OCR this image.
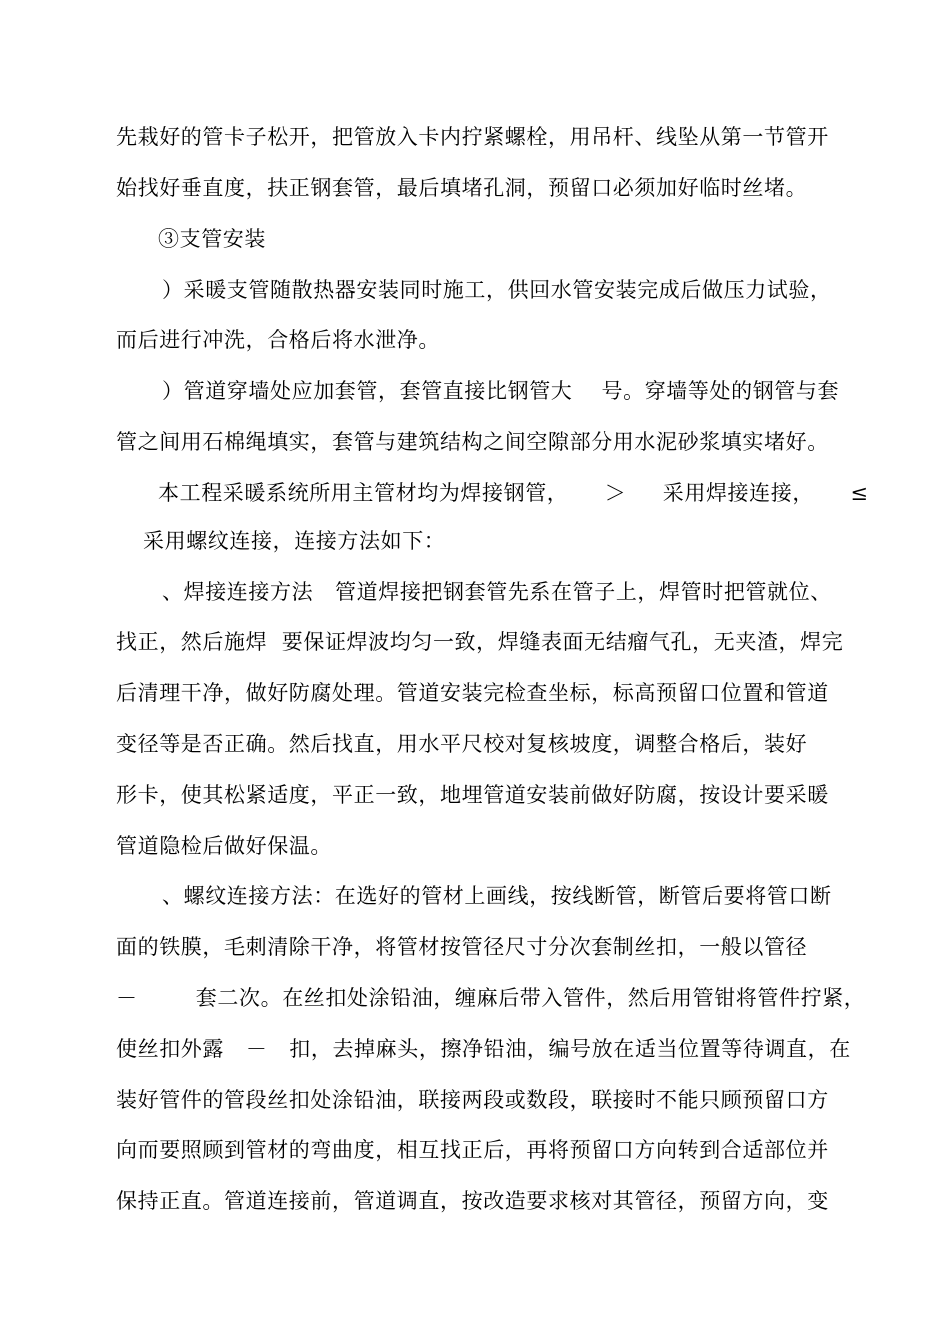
先栽好的管卡子松开，把管放入卡内拧紧螺栓，用吊杆、线坠从第一节管开
始找好垂直度，扶正钢套管，最后填堵孔洞，预留口必须加好临时丝堵。
③支管安装
）采暖支管随散热器安装同时施工，供回水管安装完成后做压力试验，
而后进行冲洗，合格后将水泄净。
）管道穿墙处应加套管，套管直接比钢管大    号。穿墙等处的钢管与套
管之间用石棉绳填实，套管与建筑结构之间空隙部分用水泥砂浆填实堵好。
本工程采暖系统所用主管材均为焊接钢管，     ＞     采用焊接连接，     ≤
采用螺纹连接，连接方法如下：
、焊接连接方法   管道焊接把钢套管先系在管子上，焊管时把管就位、
找正，然后施焊  要保证焊波均匀一致，焊缝表面无结瘤气孔，无夹渣，焊完
后清理干净，做好防腐处理。管道安装完检查坐标，标高预留口位置和管道
变径等是否正确。然后找直，用水平尺校对复核坡度，调整合格后，装好
形卡，使其松紧适度，平正一致，地埋管道安装前做好防腐，按设计要采暖
管道隐检后做好保温。
、螺纹连接方法：在选好的管材上画线，按线断管，断管后要将管口断
面的铁膜，毛刺清除干净，将管材按管径尺寸分次套制丝扣，一般以管径
－        套二次。在丝扣处涂铅油，缠麻后带入管件，然后用管钳将管件拧紧，
使丝扣外露   －   扣，去掉麻头，擦净铅油，编号放在适当位置等待调直，在
装好管件的管段丝扣处涂铅油，联接两段或数段，联接时不能只顾预留口方
向而要照顾到管材的弯曲度，相互找正后，再将预留口方向转到合适部位并
保持正直。管道连接前，管道调直，按改造要求核对其管径，预留方向，变
